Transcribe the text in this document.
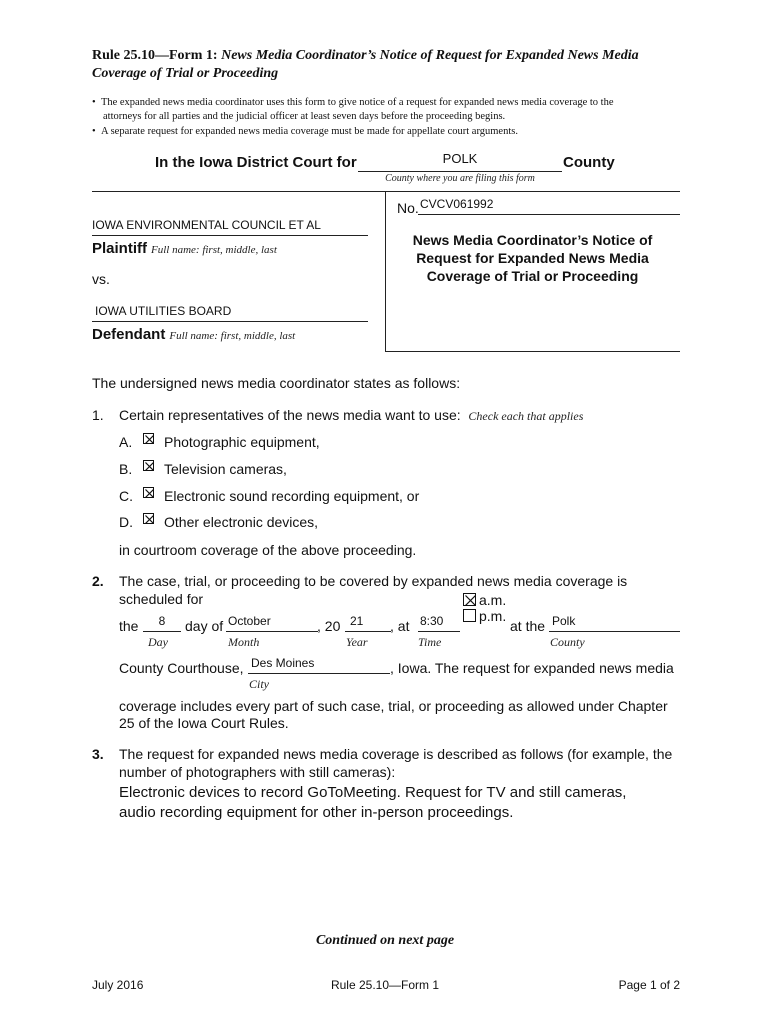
Rule 25.10—Form 1: News Media Coordinator’s Notice of Request for Expanded News Media
Coverage of Trial or Proceeding
• The expanded news media coordinator uses this form to give notice of a request for expanded news media coverage to the
attorneys for all parties and the judicial officer at least seven days before the proceeding begins.
• A separate request for expanded news media coverage must be made for appellate court arguments.
In the Iowa District Court for	POLK	County
County where you are filing this form
IOWA ENVIRONMENTAL COUNCIL ET AL
Plaintiff Full name: first, middle, last
vs.
IOWA UTILITIES BOARD
Defendant Full name: first, middle, last
No. CVCV061992
News Media Coordinator’s Notice of
Request for Expanded News Media
Coverage of Trial or Proceeding
The undersigned news media coordinator states as follows:
1. Certain representatives of the news media want to use: Check each that applies
A. Photographic equipment,
B. Television cameras,
C. Electronic sound recording equipment, or
D. Other electronic devices,
in courtroom coverage of the above proceeding.
2. The case, trial, or proceeding to be covered by expanded news media coverage is
scheduled for	a.m.
p.m.
the	8	day of October	, 20 21 , at 8:30	at the Polk
Day	Month	Year	Time	County
County Courthouse, Des Moines	, Iowa. The request for expanded news media
City
coverage includes every part of such case, trial, or proceeding as allowed under Chapter
25 of the Iowa Court Rules.
3. The request for expanded news media coverage is described as follows (for example, the
number of photographers with still cameras):
Electronic devices to record GoToMeeting. Request for TV and still cameras,
audio recording equipment for other in-person proceedings.
Continued on next page
July 2016	Rule 25.10—Form 1	Page 1 of 2
